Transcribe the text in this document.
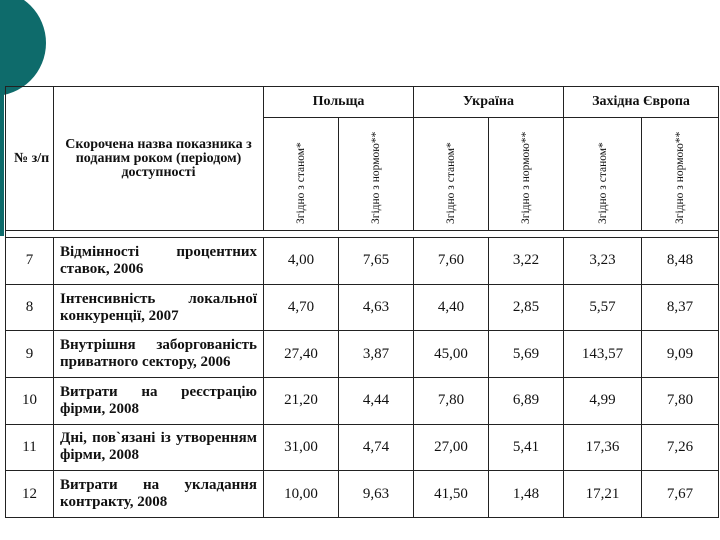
№ з/п	Скорочена назва показника з поданим роком (періодом) доступності	Польща		Україна		Західна Європа	

		Згідно з станом*	Згідно з нормою**	Згідно з станом*	Згідно з нормою**	Згідно з станом*	Згідно з нормою**

7	Відмінності процентних ставок, 2006	4,00	7,65	7,60	3,22	3,23	8,48
8	Інтенсивність локальної конкуренції, 2007	4,70	4,63	4,40	2,85	5,57	8,37
9	Внутрішня заборгованість приватного сектору, 2006	27,40	3,87	45,00	5,69	143,57	9,09
10	Витрати на реєстрацію фірми, 2008	21,20	4,44	7,80	6,89	4,99	7,80
11	Дні, пов`язані із утворенням фірми, 2008	31,00	4,74	27,00	5,41	17,36	7,26
12	Витрати на укладання контракту, 2008	10,00	9,63	41,50	1,48	17,21	7,67
